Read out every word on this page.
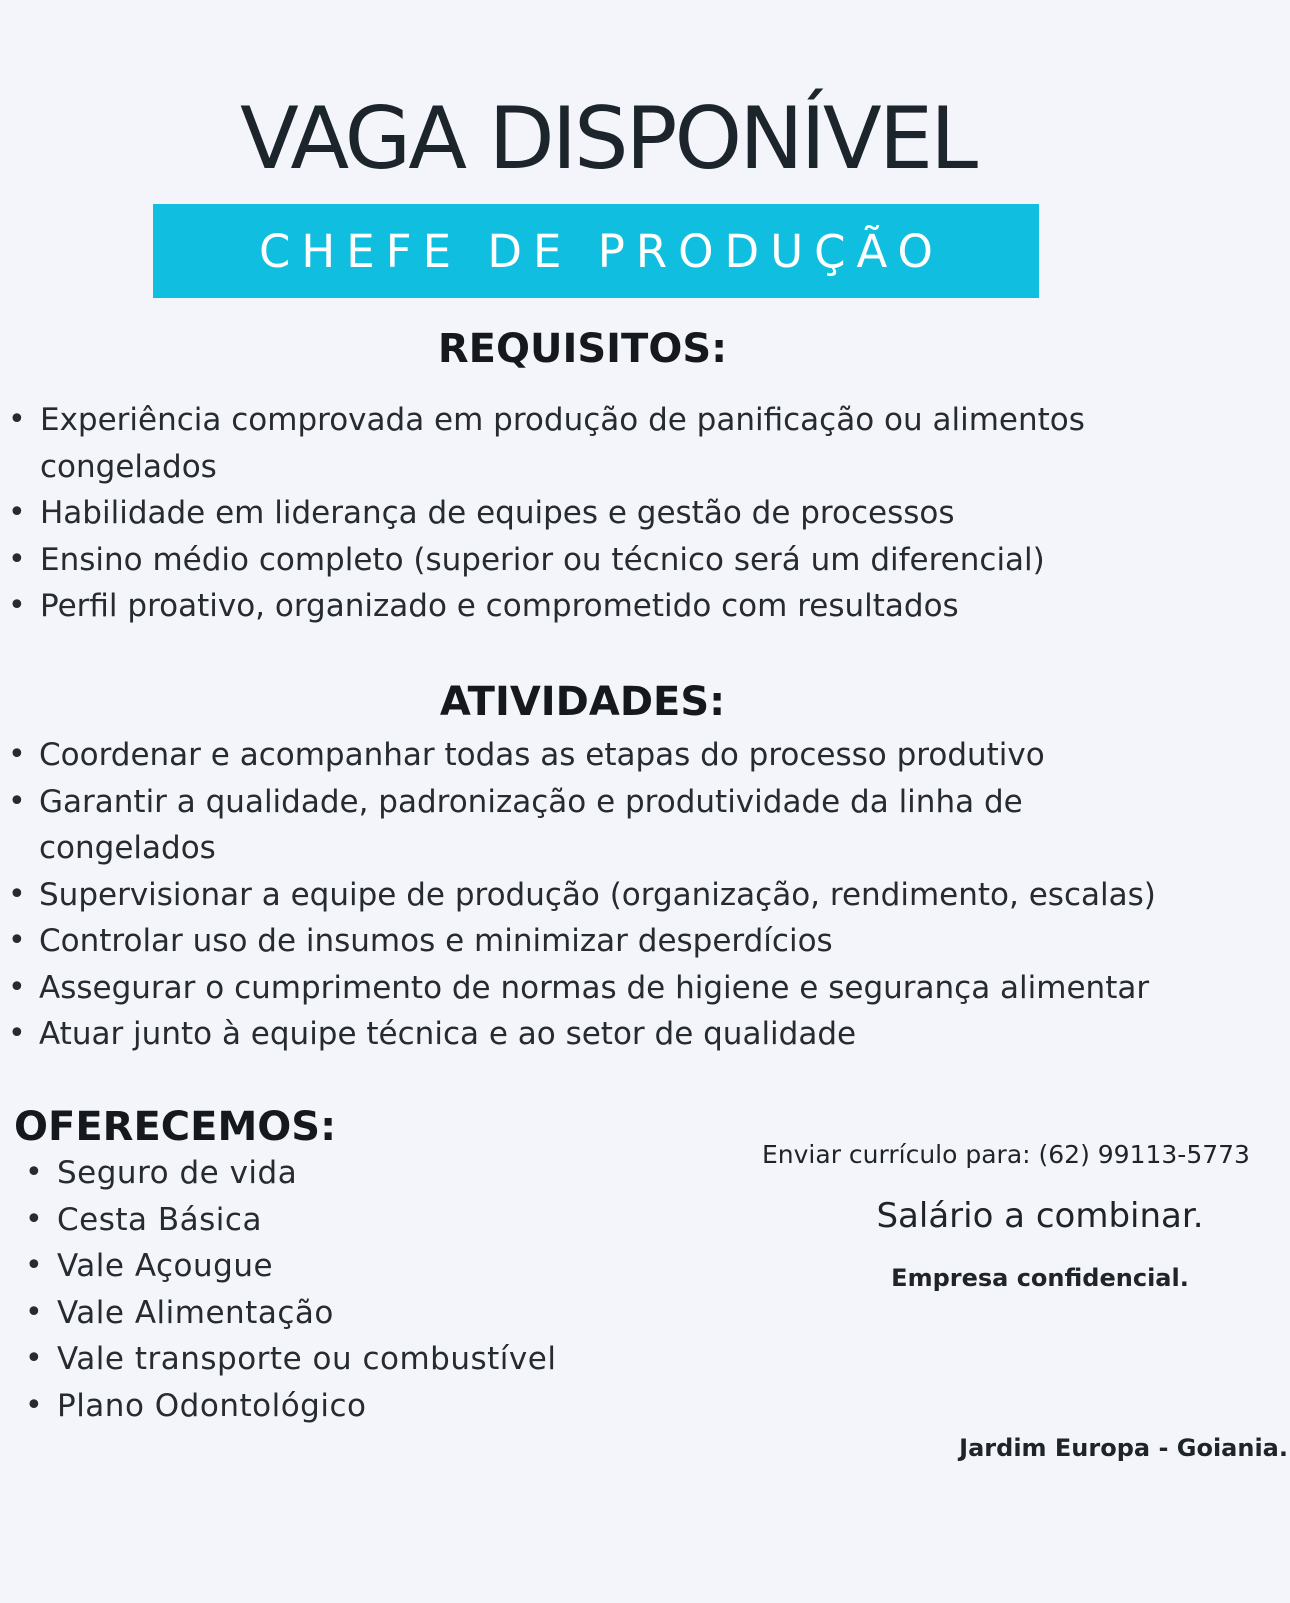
VAGA DISPONÍVEL
CHEFE DE PRODUÇÃO
REQUISITOS:
• Experiência comprovada em produção de panificação ou alimentos
congelados
• Habilidade em liderança de equipes e gestão de processos
• Ensino médio completo (superior ou técnico será um diferencial)
• Perfil proativo, organizado e comprometido com resultados
ATIVIDADES:
• Coordenar e acompanhar todas as etapas do processo produtivo
• Garantir a qualidade, padronização e produtividade da linha de
congelados
• Supervisionar a equipe de produção (organização, rendimento, escalas)
• Controlar uso de insumos e minimizar desperdícios
• Assegurar o cumprimento de normas de higiene e segurança alimentar
• Atuar junto à equipe técnica e ao setor de qualidade
OFERECEMOS:
• Seguro de vida
• Cesta Básica
• Vale Açougue
• Vale Alimentação
• Vale transporte ou combustível
• Plano Odontológico
Enviar currículo para: (62) 99113-5773
Salário a combinar.
Empresa confidencial.
Jardim Europa - Goiania.
